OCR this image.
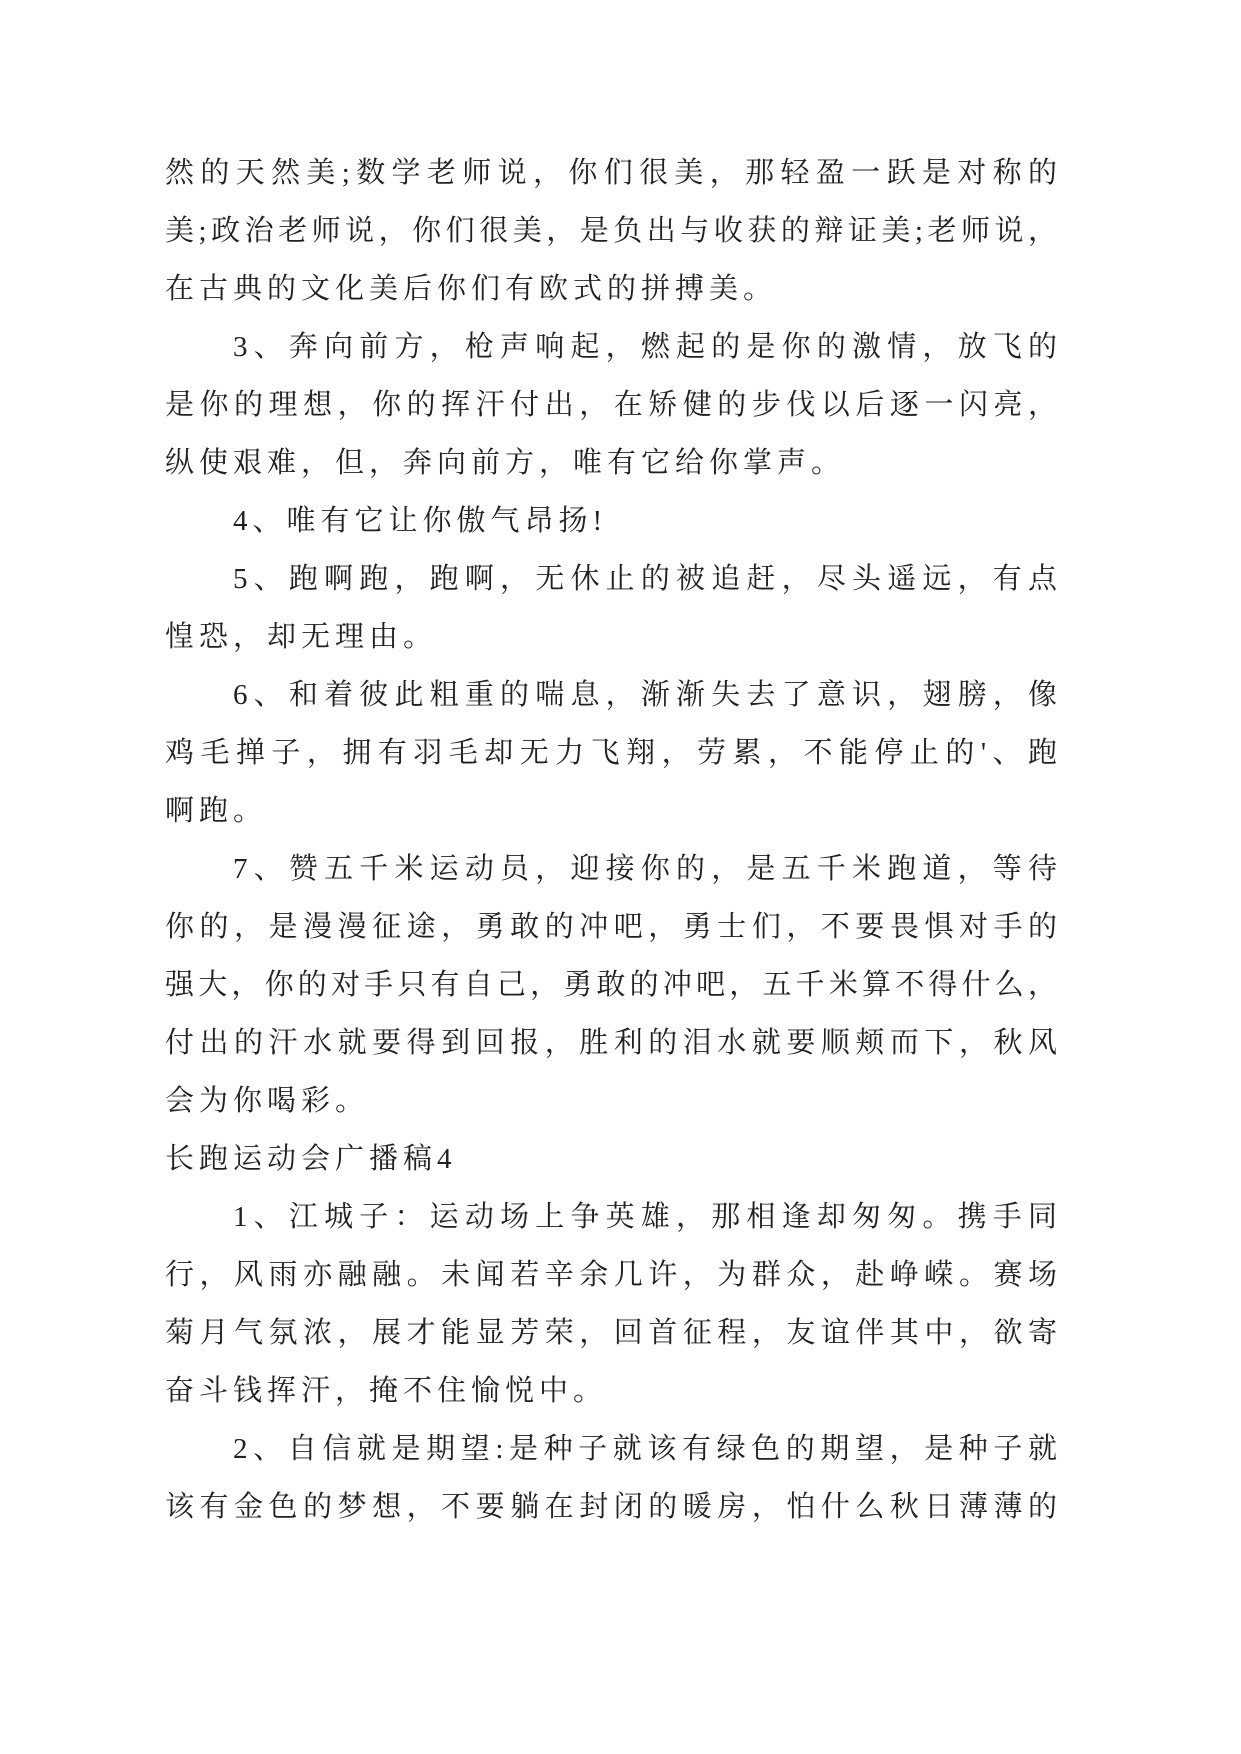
然的天然美;数学老师说，你们很美，那轻盈一跃是对称的
美;政治老师说，你们很美，是负出与收获的辩证美;老师说，
在古典的文化美后你们有欧式的拼搏美。
3、奔向前方，枪声响起，燃起的是你的激情，放飞的
是你的理想，你的挥汗付出，在矫健的步伐以后逐一闪亮，
纵使艰难，但，奔向前方，唯有它给你掌声。
4、唯有它让你傲气昂扬!
5、跑啊跑，跑啊，无休止的被追赶，尽头遥远，有点
惶恐，却无理由。
6、和着彼此粗重的喘息，渐渐失去了意识，翅膀，像
鸡毛掸子，拥有羽毛却无力飞翔，劳累，不能停止的'、跑
啊跑。
7、赞五千米运动员，迎接你的，是五千米跑道，等待
你的，是漫漫征途，勇敢的冲吧，勇士们，不要畏惧对手的
强大，你的对手只有自己，勇敢的冲吧，五千米算不得什么，
付出的汗水就要得到回报，胜利的泪水就要顺颊而下，秋风
会为你喝彩。
长跑运动会广播稿4
1、江城子：运动场上争英雄，那相逢却匆匆。携手同
行，风雨亦融融。未闻若辛余几许，为群众，赴峥嵘。赛场
菊月气氛浓，展才能显芳荣，回首征程，友谊伴其中，欲寄
奋斗钱挥汗，掩不住愉悦中。
2、自信就是期望:是种子就该有绿色的期望，是种子就
该有金色的梦想，不要躺在封闭的暖房，怕什么秋日薄薄的
